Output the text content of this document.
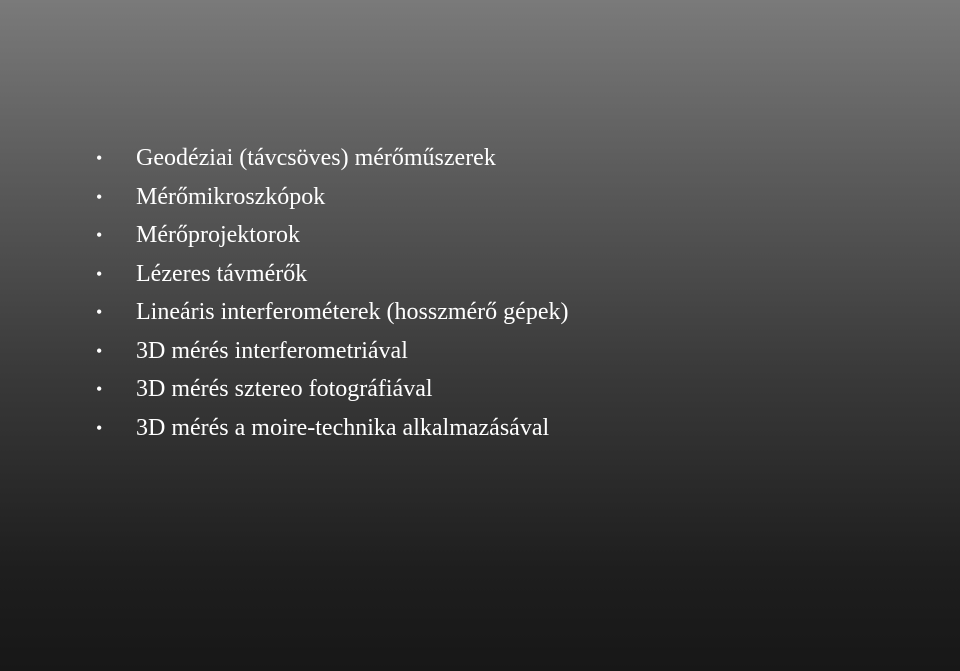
•	Geodéziai (távcsöves) mérőműszerek
•	Mérőmikroszkópok
•	Mérőprojektorok
•	Lézeres távmérők
•	Lineáris interferométerek (hosszmérő gépek)
•	3D mérés interferometriával
•	3D mérés sztereo fotográfiával
•	3D mérés a moire-technika alkalmazásával
